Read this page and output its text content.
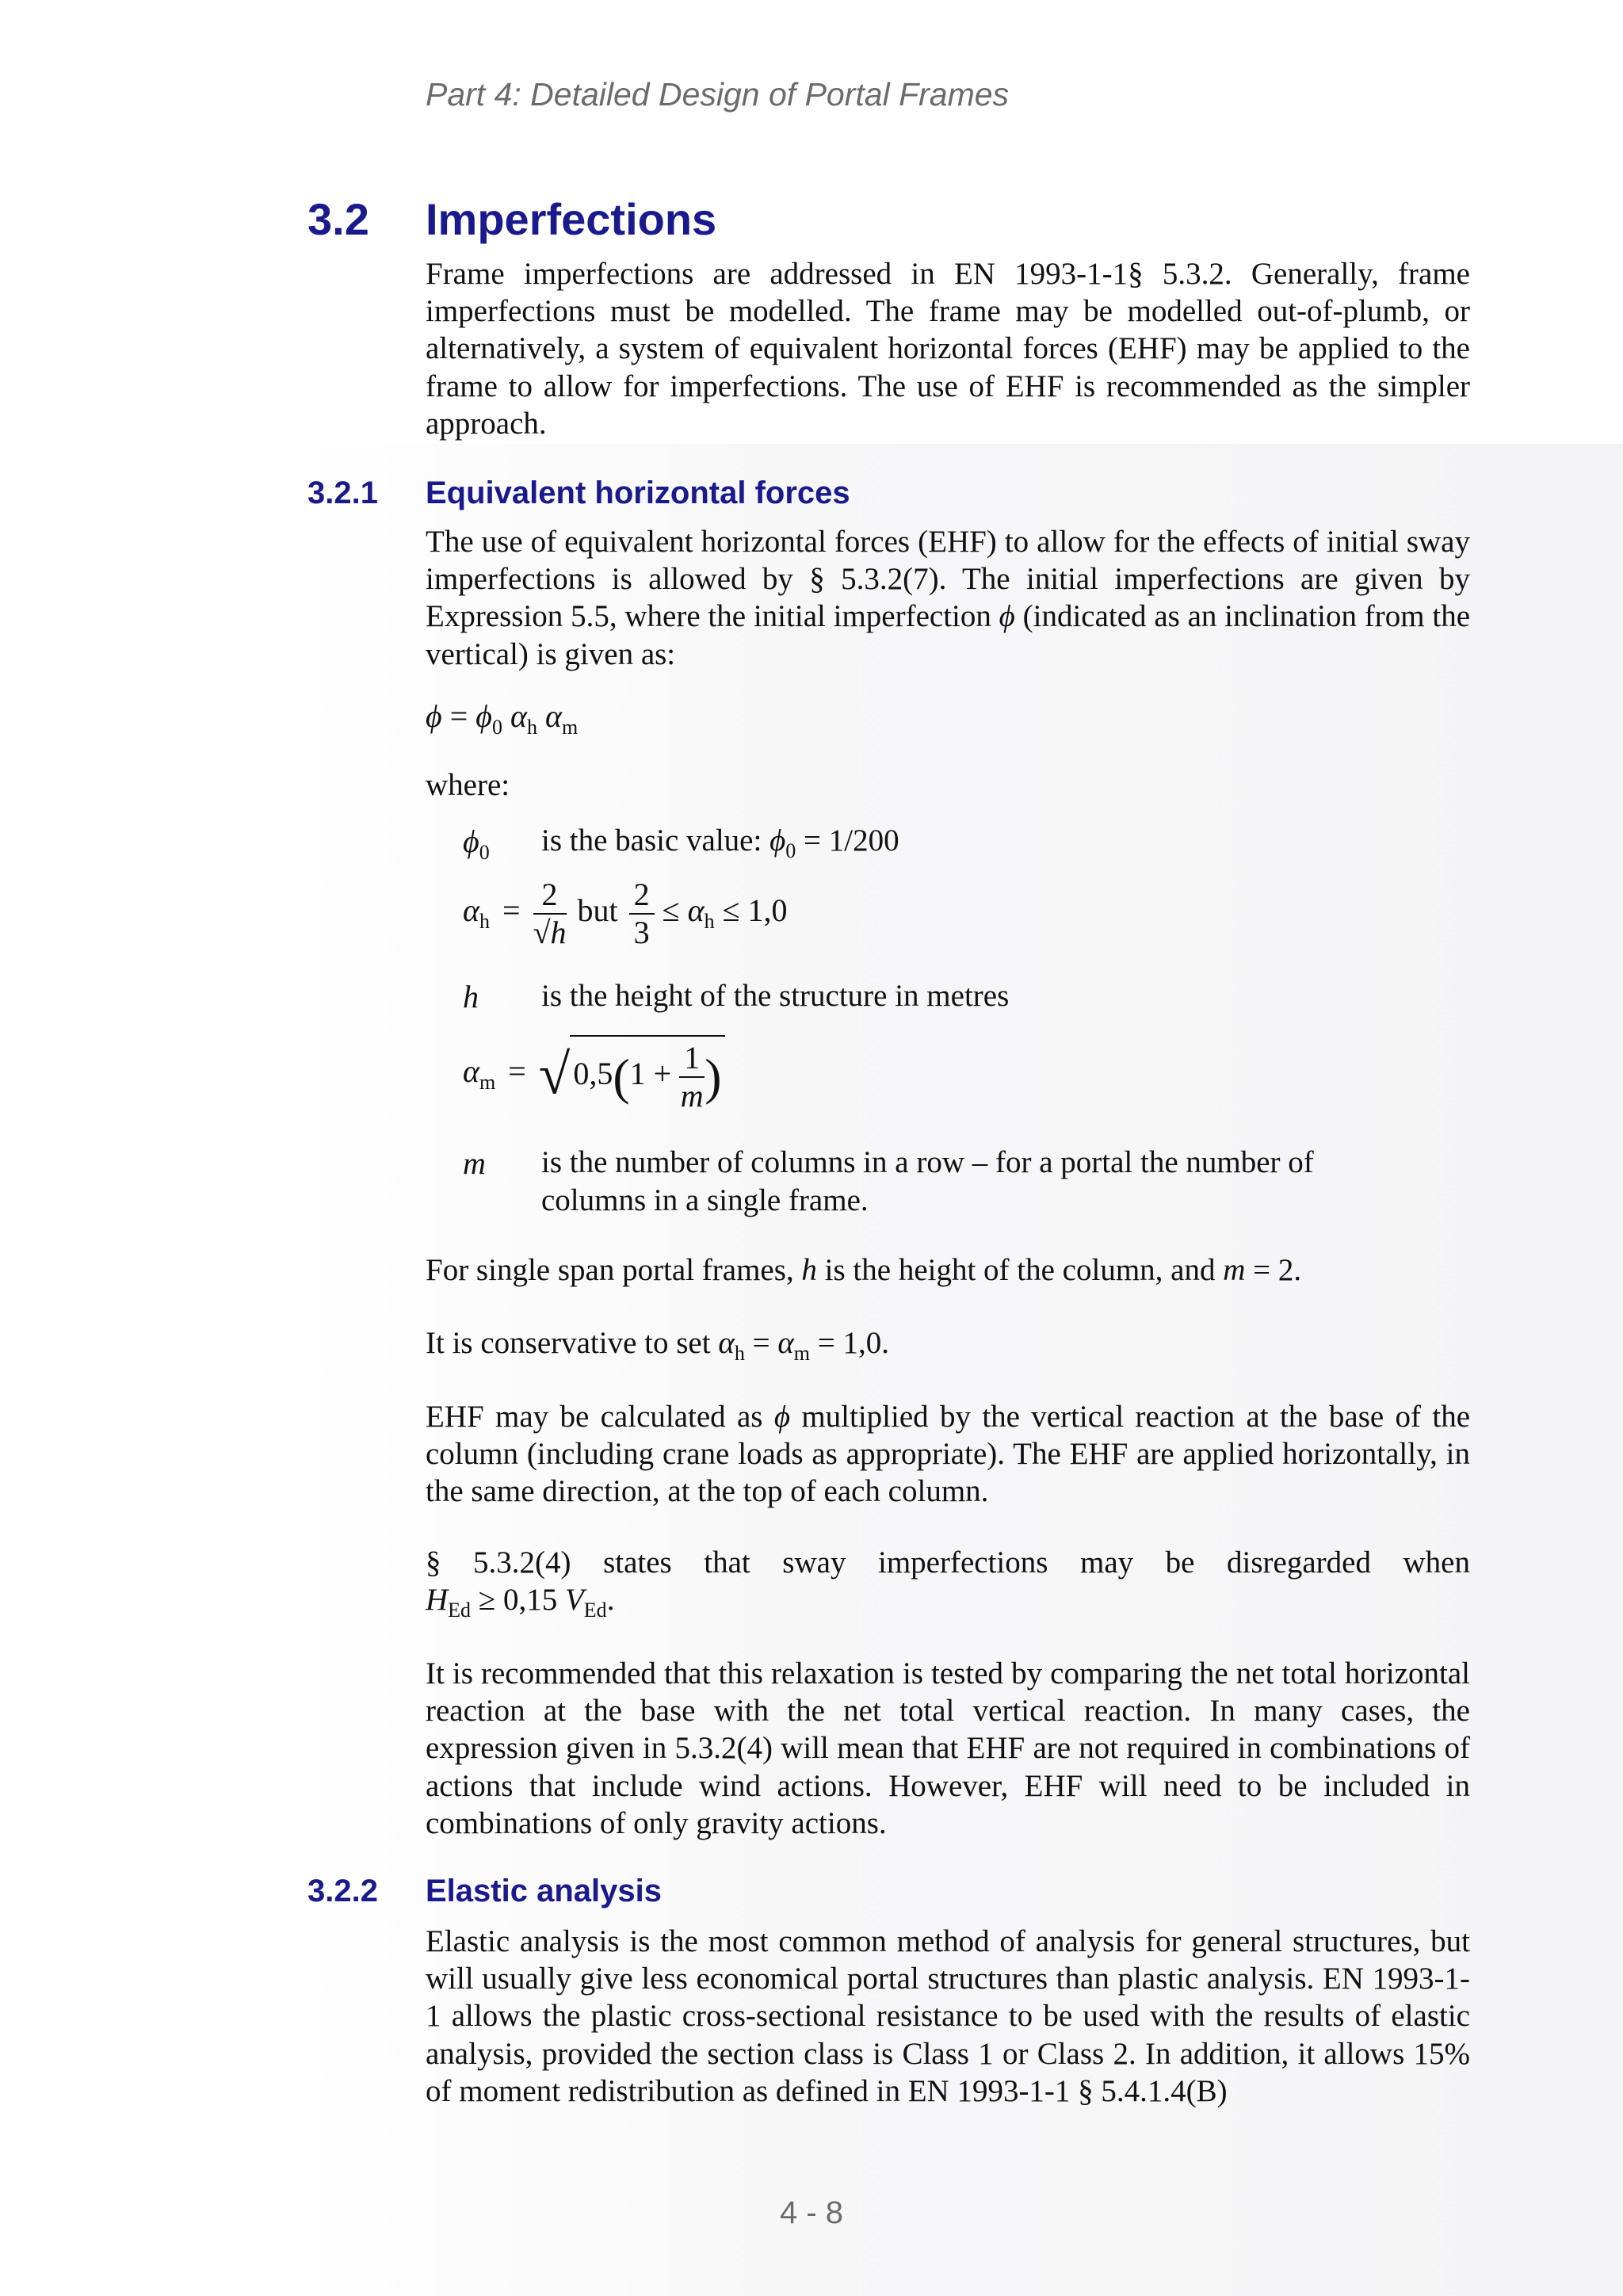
Part 4: Detailed Design of Portal Frames
3.2 Imperfections
Frame imperfections are addressed in EN 1993-1-1§ 5.3.2. Generally, frame imperfections must be modelled. The frame may be modelled out-of-plumb, or alternatively, a system of equivalent horizontal forces (EHF) may be applied to the frame to allow for imperfections. The use of EHF is recommended as the simpler approach.
3.2.1 Equivalent horizontal forces
The use of equivalent horizontal forces (EHF) to allow for the effects of initial sway imperfections is allowed by § 5.3.2(7). The initial imperfections are given by Expression 5.5, where the initial imperfection ϕ (indicated as an inclination from the vertical) is given as:
$\phi = \phi_0$ $\alpha_h$ $\alpha_m$
where:
$\phi_0$ is the basic value: $\phi_0 = 1/200$
$\alpha_h = \frac{2}{√h}$ but $\frac{2}{3} \le \alpha_h \le 1,0$
h is the height of the structure in metres
$\alpha_m$ = √ $0,5(1 + \frac{1}{m}$ )
m is the number of columns in a row – for a portal the number of
columns in a single frame.
For single span portal frames, h is the height of the column, and m = 2.
It is conservative to set $\alpha_h = \alpha_m = 1,0$.
EHF may be calculated as ϕ multiplied by the vertical reaction at the base of the column (including crane loads as appropriate). The EHF are applied horizontally, in the same direction, at the top of each column.
§ 5.3.2(4) states that sway imperfections may be disregarded when
$H_{Ed} \ge 0,15$ $V_{Ed}$.
It is recommended that this relaxation is tested by comparing the net total horizontal reaction at the base with the net total vertical reaction. In many cases, the expression given in 5.3.2(4) will mean that EHF are not required in combinations of actions that include wind actions. However, EHF will need to be included in combinations of only gravity actions.
3.2.2 Elastic analysis
Elastic analysis is the most common method of analysis for general structures, but will usually give less economical portal structures than plastic analysis. EN 1993-1-1 allows the plastic cross-sectional resistance to be used with the results of elastic analysis, provided the section class is Class 1 or Class 2. In addition, it allows 15% of moment redistribution as defined in EN 1993-1-1 § 5.4.1.4(B)
4 - 8
